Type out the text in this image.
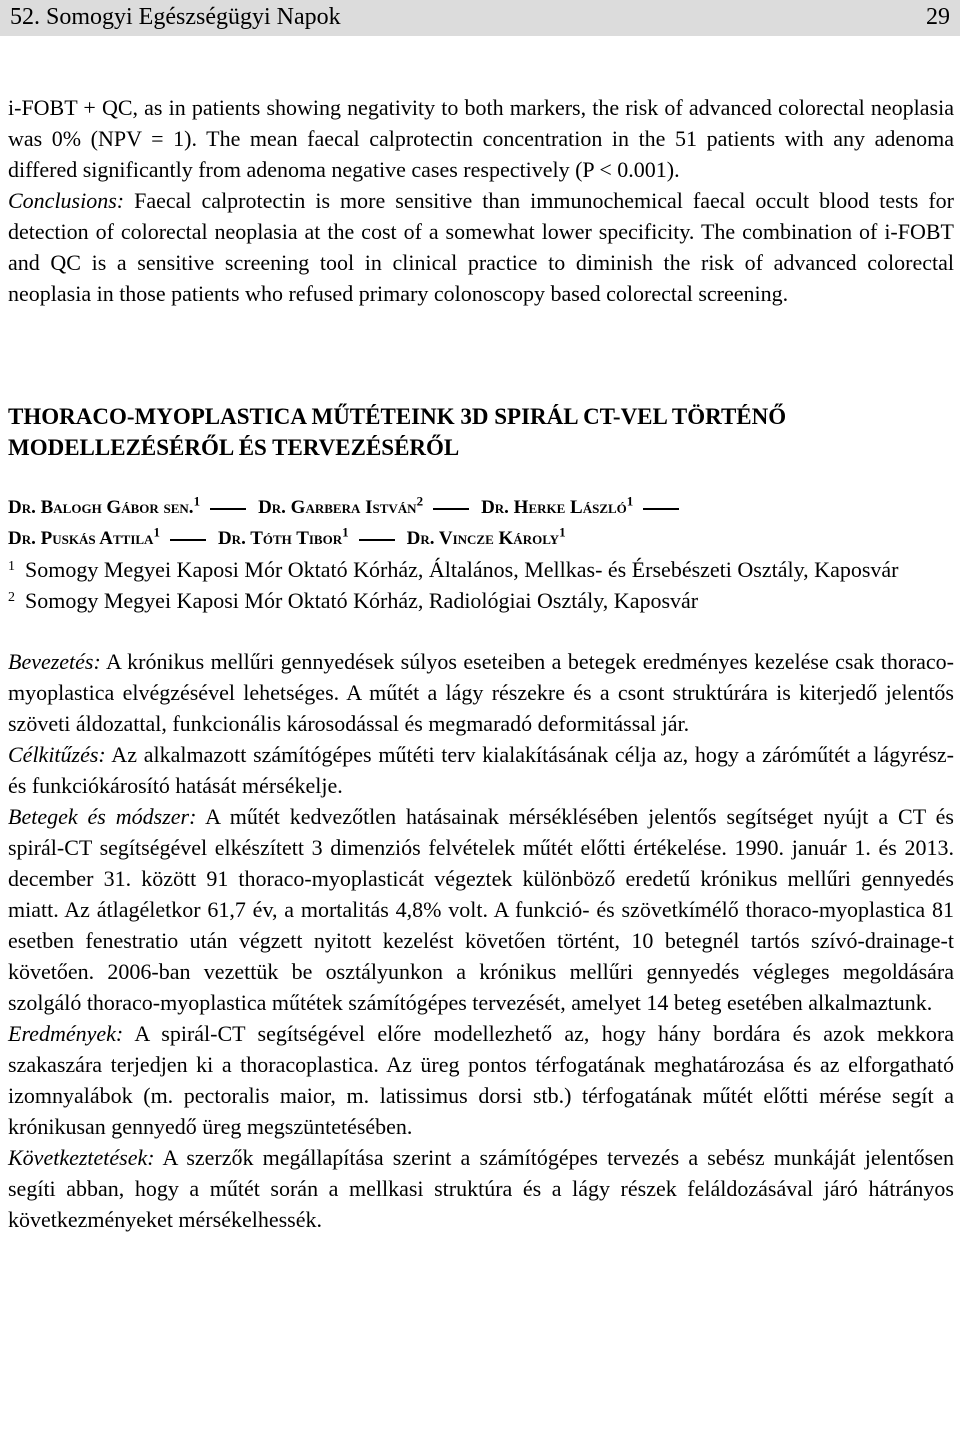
52. Somogyi Egészségügyi Napok	29

i-FOBT + QC, as in patients showing negativity to both markers, the risk of advanced colorectal neoplasia was 0% (NPV = 1). The mean faecal calprotectin concentration in the 51 patients with any adenoma differed significantly from adenoma negative cases respectively (P < 0.001).

Conclusions: Faecal calprotectin is more sensitive than immunochemical faecal occult blood tests for detection of colorectal neoplasia at the cost of a somewhat lower specificity. The combination of i-FOBT and QC is a sensitive screening tool in clinical practice to diminish the risk of advanced colorectal neoplasia in those patients who refused primary colonoscopy based colorectal screening.

THORACO-MYOPLASTICA MŰTÉTEINK 3D SPIRÁL CT-VEL TÖRTÉNŐ MODELLEZÉSÉRŐL ÉS TERVEZÉSÉRŐL
Dr. Balogh Gábor sen.$^1$	Dr. Garbera István$^2$	Dr. Herke László$^1$
Dr. Puskás Attila$^1$	Dr. Tóth Tibor$^1$	Dr. Vincze Károly$^1$
1 Somogy Megyei Kaposi Mór Oktató Kórház, Általános, Mellkas- és Érsebészeti Osztály, Kaposvár
2 Somogy Megyei Kaposi Mór Oktató Kórház, Radiológiai Osztály, Kaposvár

Bevezetés: A krónikus mellűri gennyedések súlyos eseteiben a betegek eredményes kezelése csak thoraco-myoplastica elvégzésével lehetséges. A műtét a lágy részekre és a csont struktúrára is kiterjedő jelentős szöveti áldozattal, funkcionális károsodással és megmaradó deformitással jár.

Célkitűzés: Az alkalmazott számítógépes műtéti terv kialakításának célja az, hogy a záróműtét a lágyrész- és funkciókárosító hatását mérsékelje.

Betegek és módszer: A műtét kedvezőtlen hatásainak mérséklésében jelentős segítséget nyújt a CT és spirál-CT segítségével elkészített 3 dimenziós felvételek műtét előtti értékelése. 1990. január 1. és 2013. december 31. között 91 thoraco-myoplasticát végeztek különböző eredetű krónikus mellűri gennyedés miatt. Az átlagéletkor 61,7 év, a mortalitás 4,8% volt. A funkció- és szövetkímélő thoraco-myoplastica 81 esetben fenestratio után végzett nyitott kezelést követően történt, 10 betegnél tartós szívó-drainage-t követően. 2006-ban vezettük be osztályunkon a krónikus mellűri gennyedés végleges megoldására szolgáló thoraco-myoplastica műtétek számítógépes tervezését, amelyet 14 beteg esetében alkalmaztunk.

Eredmények: A spirál-CT segítségével előre modellezhető az, hogy hány bordára és azok mekkora szakaszára terjedjen ki a thoracoplastica. Az üreg pontos térfogatának meghatározása és az elforgatható izomnyalábok (m. pectoralis maior, m. latissimus dorsi stb.) térfogatának műtét előtti mérése segít a krónikusan gennyedő üreg megszüntetésében.

Következtetések: A szerzők megállapítása szerint a számítógépes tervezés a sebész munkáját jelentősen segíti abban, hogy a műtét során a mellkasi struktúra és a lágy részek feláldozásával járó hátrányos következményeket mérsékelhessék.
